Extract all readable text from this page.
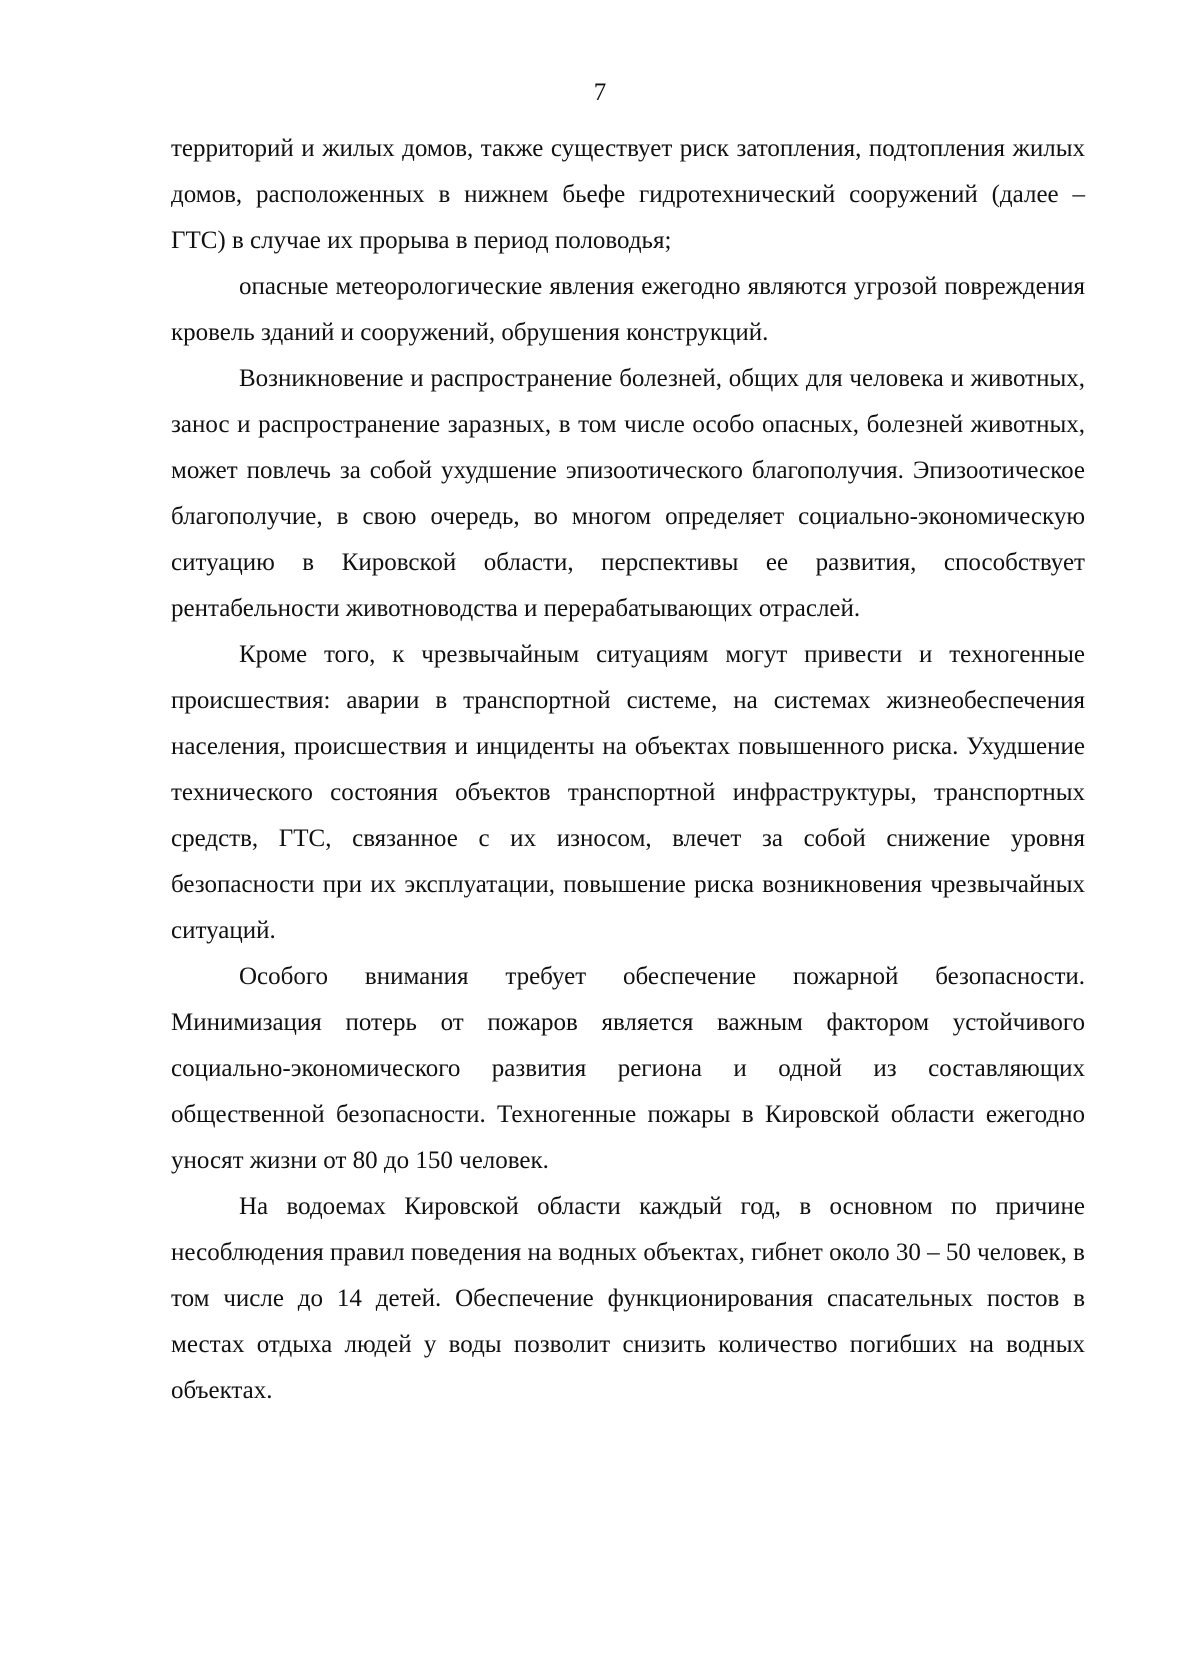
7

территорий и жилых домов, также существует риск затопления, подтопления жилых домов, расположенных в нижнем бьефе гидротехнический сооружений (далее – ГТС) в случае их прорыва в период половодья;

опасные метеорологические явления ежегодно являются угрозой повреждения кровель зданий и сооружений, обрушения конструкций.

Возникновение и распространение болезней, общих для человека и животных, занос и распространение заразных, в том числе особо опасных, болезней животных, может повлечь за собой ухудшение эпизоотического благополучия. Эпизоотическое благополучие, в свою очередь, во многом определяет социально-экономическую ситуацию в Кировской области, перспективы ее развития, способствует рентабельности животноводства и перерабатывающих отраслей.

Кроме того, к чрезвычайным ситуациям могут привести и техногенные происшествия: аварии в транспортной системе, на системах жизнеобеспечения населения, происшествия и инциденты на объектах повышенного риска. Ухудшение технического состояния объектов транспортной инфраструктуры, транспортных средств, ГТС, связанное с их износом, влечет за собой снижение уровня безопасности при их эксплуатации, повышение риска возникновения чрезвычайных ситуаций.

Особого внимания требует обеспечение пожарной безопасности. Минимизация потерь от пожаров является важным фактором устойчивого социально-экономического развития региона и одной из составляющих общественной безопасности. Техногенные пожары в Кировской области ежегодно уносят жизни от 80 до 150 человек.

На водоемах Кировской области каждый год, в основном по причине несоблюдения правил поведения на водных объектах, гибнет около 30 – 50 человек, в том числе до 14 детей. Обеспечение функционирования спасательных постов в местах отдыха людей у воды позволит снизить количество погибших на водных объектах.
